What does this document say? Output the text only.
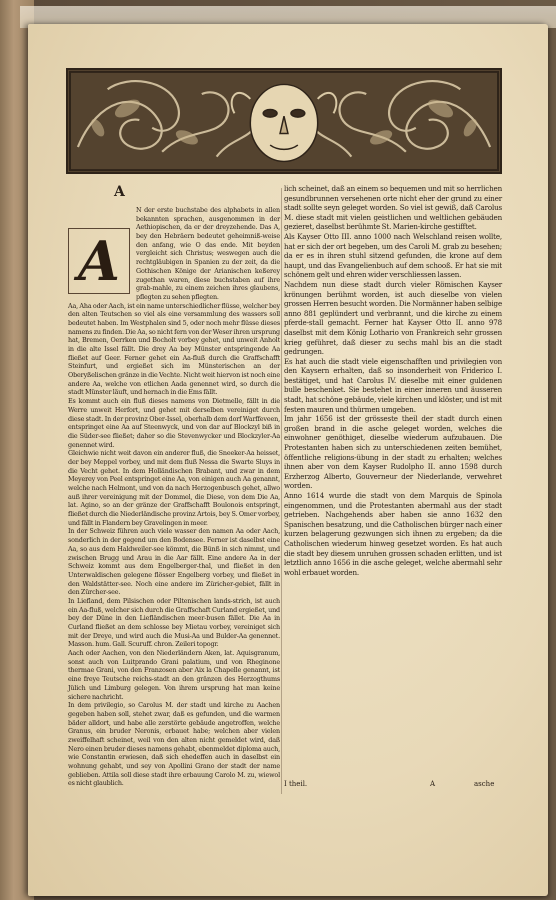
A
A

N der erste buchstabe des alphabets in allen bekannten sprachen, ausgenommen in der Aethiopischen, da er der dreyzehende. Das A, bey den Hebräern bedeutet geheimniß-weise den anfang, wie O das ende. Mit beyden vergleicht sich Christus; weswegen auch die rechtgläubigen in Spanien zu der zeit, da die Gothischen Könige der Arianischen keßerey zugethan waren, diese buchstaben auf ihre grab-mahle, zu einem zeichen ihres glaubens, pflegten zu sehen pflegten.

Aa, Aha oder Aach, ist ein name unterschiedlicher flüsse, welcher bey den alten Teutschen so viel als eine versammlung des wassers soll bedeutet haben. Im Westphalen sind 5, oder noch mehr flüsse dieses namens zu finden. Die Aa, so nicht fern von der Weser ihren ursprung hat, Bremen, Oerrken und Bocholt vorbey gehet, und unweit Anholt in die alte Issel fällt. Die drey Aa bey Münster entspringende Aa fließet auf Geer. Ferner gehet ein Aa-fluß durch die Graffschafft Steinfurt, und ergießet sich im Münsterischen an der Oberyßelischen gränze in die Vechte. Nicht weit hiervon ist noch eine andere Aa, welche von etlichen Aada genennet wird, so durch die stadt Münster läuft, und hernach in die Ems fällt.

Es kommt auch ein fluß dieses namens von Dietmelle, fällt in die Werre unweit Herfort, und gehet mit derselben vereiniget durch diese stadt. In der provinz Ober-Issel, oberhalb dem dorf Warffeveen, entspringet eine Aa auf Steenwyck, und von dar auf Blockzyl biß in die Süder-see fließet; daher so die Stevenwycker und Blockzyler-Aa genennet wird.

Gleichwie nicht weit davon ein anderer fluß, die Sneeker-Aa heisset, der bey Meppel vorbey, und mit dem fluß Nessa die Swarte Sluys in die Vecht gehet. In dem Holländischen Brabant, und zwar in dem Meyerey von Peel entspringet eine Aa, von einigen auch Aa genannt, welche nach Helmont, und von da nach Herzogenbusch gehet, allwo auß ihrer vereinigung mit der Dommel, die Diese, von dem Die Aa, lat. Agino, so an der gränze der Graffschafft Boulonois entspringt, fließet durch die Niederländische provinz Artois, bey S. Omer vorbey, und fällt in Flandern bey Gravelingen in meer.

In der Schweiz führen auch viele wasser den namen Aa oder Aach, sonderlich in der gegend um den Bodensee. Ferner ist daselbst eine Aa, so aus dem Haldweiler-see kömmt, die Bünß in sich nimmt, und zwischen Brugg und Arau in die Aar fällt. Eine andere Aa in der Schweiz kommt aus dem Engelberger-thal, und fließet in den Unterwaldischen gelegene flösser Engelberg vorbey, und fließet in den Waldstätter-see. Noch eine andere im Züricher-gebiet, fällt in den Zürcher-see.

In Liefland, dem Pilsischen oder Piltenischen lands-strich, ist auch ein Aa-fluß, welcher sich durch die Graffschaft Curland ergießet, und bey der Düne in den Liefländischen meer-busen fället. Die Aa in Curland fließet an dem schlosse bey Mietau vorbey, vereiniget sich mit der Dreye, und wird auch die Musi-Aa und Bulder-Aa genennet. Masson. hum. Gall. Scuruff. chron. Zeileri topogr.

Aach oder Aachen, von den Niederländern Aken, lat. Aquisgranum, sonst auch von Luitprando Grani palatium, und von Rheginone thermae Grani, von den Franzosen aber Aix la Chapelle genannt, ist eine freye Teutsche reichs-stadt an den gränzen des Herzogthums Jülich und Limburg gelegen. Von ihrem ursprung hat man keine sichere nachricht.

In dem privilegio, so Carolus M. der stadt und kirche zu Aachen gegeben haben soll, stehet zwar, daß es gefunden, und die warmen bäder alldort, und habe alle zerstörte gebäude angetroffen, welche Granus, ein bruder Neronis, erbauet habe; welchen aber vielen zweiffelhaft scheinet, weil von den alten nicht gemeldet wird, daß Nero einen bruder dieses namens gehabt, ebenmeldet diploma auch, wie Constantin erwiesen, daß sich ehedeffen auch in daselbst ein wohnung gehabt, und sey von Apollini Grano der stadt der name geblieben. Attila soll diese stadt ihre erbauung Carolo M. zu, wiewol es nicht glaublich.

lich scheinet, daß an einem so bequemen und mit so herrlichen gesundbrunnen versehenen orte nicht eher der grund zu einer stadt sollte seyn geleget worden. So viel ist gewiß, daß Carolus M. diese stadt mit vielen geistlichen und weltlichen gebäuden gezieret, daselbst berühmte St. Marien-kirche gestifftet.

Als Kayser Otto III. anno 1000 nach Welschland reisen wollte, hat er sich der ort begeben, um des Caroli M. grab zu besehen; da er es in ihren stuhl sitzend gefunden, die krone auf dem haupt, und das Evangelienbuch auf dem schooß. Er hat sie mit schönem gelt und ehren wider verschliessen lassen.

Nachdem nun diese stadt durch vieler Römischen Kayser krönungen berühmt worden, ist auch dieselbe von vielen grossen Herren besucht worden. Die Normänner haben selbige anno 881 geplündert und verbrannt, und die kirche zu einem pferde-stall gemacht. Ferner hat Kayser Otto II. anno 978 daselbst mit dem König Lothario von Frankreich sehr grossen krieg geführet, daß dieser zu sechs mahl bis an die stadt gedrungen.

Es hat auch die stadt viele eigenschafften und privilegien von den Kaysern erhalten, daß so insonderheit von Friderico I. bestätiget, und hat Carolus IV. dieselbe mit einer guldenen bulle beschenket. Sie bestehet in einer inneren und äusseren stadt, hat schöne gebäude, viele kirchen und klöster, und ist mit festen mauren und thürmen umgeben.

Im jahr 1656 ist der grösseste theil der stadt durch einen großen brand in die asche geleget worden, welches die einwohner genöthiget, dieselbe wiederum aufzubauen. Die Protestanten haben sich zu unterschiedenen zeiten bemühet, öffentliche religions-übung in der stadt zu erhalten; welches ihnen aber von dem Kayser Rudolpho II. anno 1598 durch Erzherzog Alberto, Gouverneur der Niederlande, verwehret worden.

Anno 1614 wurde die stadt von dem Marquis de Spinola eingenommen, und die Protestanten abermahl aus der stadt getrieben. Nachgehends aber haben sie anno 1632 den Spanischen besatzung, und die Catholischen bürger nach einer kurzen belagerung gezwungen sich ihnen zu ergeben; da die Catholischen wiederum hinweg gesetzet worden. Es hat auch die stadt bey diesem unruhen grossen schaden erlitten, und ist letztlich anno 1656 in die asche geleget, welche abermahl sehr wohl erbauet worden.

I theil.	A	asche
